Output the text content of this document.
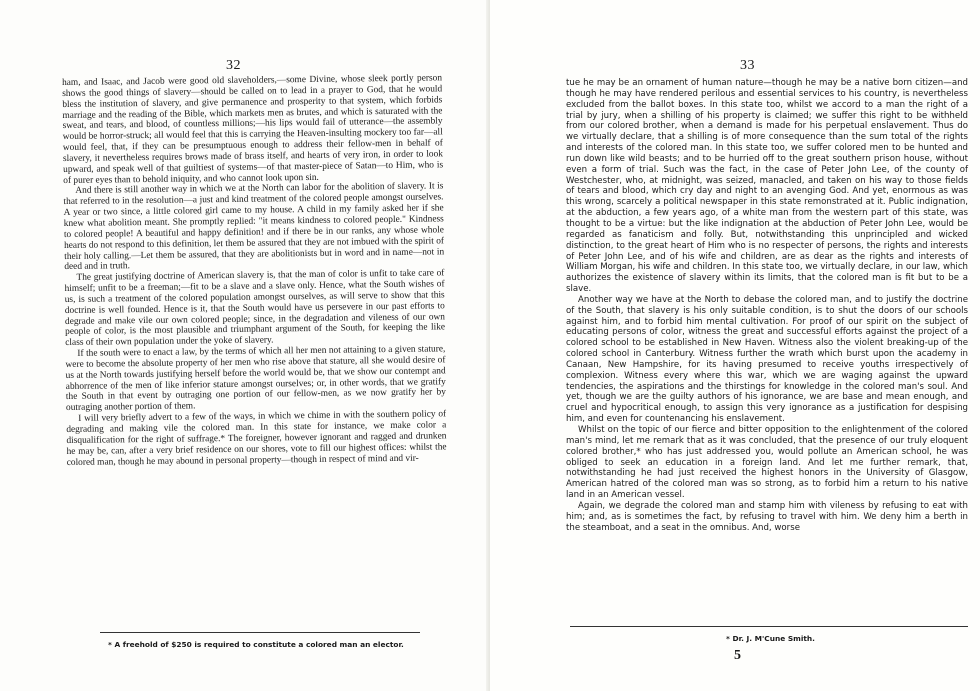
32

ham, and Isaac, and Jacob were good old slaveholders,—some Divine, whose sleek portly person shows the good things of slavery—should be called on to lead in a prayer to God, that he would bless the institution of slavery, and give permanence and prosperity to that system, which forbids marriage and the reading of the Bible, which markets men as brutes, and which is saturated with the sweat, and tears, and blood, of countless millions;—his lips would fail of utterance—the assembly would be horror-struck; all would feel that this is carrying the Heaven-insulting mockery too far—all would feel, that, if they can be presumptuous enough to address their fellow-men in behalf of slavery, it nevertheless requires brows made of brass itself, and hearts of very iron, in order to look upward, and speak well of that guiltiest of systems—of that master-piece of Satan—to Him, who is of purer eyes than to behold iniquity, and who cannot look upon sin.

And there is still another way in which we at the North can labor for the abolition of slavery. It is that referred to in the resolution—a just and kind treatment of the colored people amongst ourselves. A year or two since, a little colored girl came to my house. A child in my family asked her if she knew what abolition meant. She promptly replied: "it means kindness to colored people." Kindness to colored people! A beautiful and happy definition! and if there be in our ranks, any whose whole hearts do not respond to this definition, let them be assured that they are not imbued with the spirit of their holy calling.—Let them be assured, that they are abolitionists but in word and in name—not in deed and in truth.

The great justifying doctrine of American slavery is, that the man of color is unfit to take care of himself; unfit to be a freeman;—fit to be a slave and a slave only. Hence, what the South wishes of us, is such a treatment of the colored population amongst ourselves, as will serve to show that this doctrine is well founded. Hence is it, that the South would have us persevere in our past efforts to degrade and make vile our own colored people; since, in the degradation and vileness of our own people of color, is the most plausible and triumphant argument of the South, for keeping the like class of their own population under the yoke of slavery.

If the south were to enact a law, by the terms of which all her men not attaining to a given stature, were to become the absolute property of her men who rise above that stature, all she would desire of us at the North towards justifying herself before the world would be, that we show our contempt and abhorrence of the men of like inferior stature amongst ourselves; or, in other words, that we gratify the South in that event by outraging one portion of our fellow-men, as we now gratify her by outraging another portion of them.

I will very briefly advert to a few of the ways, in which we chime in with the southern policy of degrading and making vile the colored man. In this state for instance, we make color a disqualification for the right of suffrage.* The foreigner, however ignorant and ragged and drunken he may be, can, after a very brief residence on our shores, vote to fill our highest offices: whilst the colored man, though he may abound in personal property—though in respect of mind and vir-

* A freehold of $250 is required to constitute a colored man an elector.
33

tue he may be an ornament of human nature—though he may be a native born citizen—and though he may have rendered perilous and essential services to his country, is nevertheless excluded from the ballot boxes. In this state too, whilst we accord to a man the right of a trial by jury, when a shilling of his property is claimed; we suffer this right to be withheld from our colored brother, when a demand is made for his perpetual enslavement. Thus do we virtually declare, that a shilling is of more consequence than the sum total of the rights and interests of the colored man. In this state too, we suffer colored men to be hunted and run down like wild beasts; and to be hurried off to the great southern prison house, without even a form of trial. Such was the fact, in the case of Peter John Lee, of the county of Westchester, who, at midnight, was seized, manacled, and taken on his way to those fields of tears and blood, which cry day and night to an avenging God. And yet, enormous as was this wrong, scarcely a political newspaper in this state remonstrated at it. Public indignation, at the abduction, a few years ago, of a white man from the western part of this state, was thought to be a virtue: but the like indignation at the abduction of Peter John Lee, would be regarded as fanaticism and folly. But, notwithstanding this unprincipled and wicked distinction, to the great heart of Him who is no respecter of persons, the rights and interests of Peter John Lee, and of his wife and children, are as dear as the rights and interests of William Morgan, his wife and children. In this state too, we virtually declare, in our law, which authorizes the existence of slavery within its limits, that the colored man is fit but to be a slave.

Another way we have at the North to debase the colored man, and to justify the doctrine of the South, that slavery is his only suitable condition, is to shut the doors of our schools against him, and to forbid him mental cultivation. For proof of our spirit on the subject of educating persons of color, witness the great and successful efforts against the project of a colored school to be established in New Haven. Witness also the violent breaking-up of the colored school in Canterbury. Witness further the wrath which burst upon the academy in Canaan, New Hampshire, for its having presumed to receive youths irrespectively of complexion. Witness every where this war, which we are waging against the upward tendencies, the aspirations and the thirstings for knowledge in the colored man's soul. And yet, though we are the guilty authors of his ignorance, we are base and mean enough, and cruel and hypocritical enough, to assign this very ignorance as a justification for despising him, and even for countenancing his enslavement.

Whilst on the topic of our fierce and bitter opposition to the enlightenment of the colored man's mind, let me remark that as it was concluded, that the presence of our truly eloquent colored brother,* who has just addressed you, would pollute an American school, he was obliged to seek an education in a foreign land. And let me further remark, that, notwithstanding he had just received the highest honors in the University of Glasgow, American hatred of the colored man was so strong, as to forbid him a return to his native land in an American vessel.

Again, we degrade the colored man and stamp him with vileness by refusing to eat with him; and, as is sometimes the fact, by refusing to travel with him. We deny him a berth in the steamboat, and a seat in the omnibus. And, worse

* Dr. J. M'Cune Smith.
5
